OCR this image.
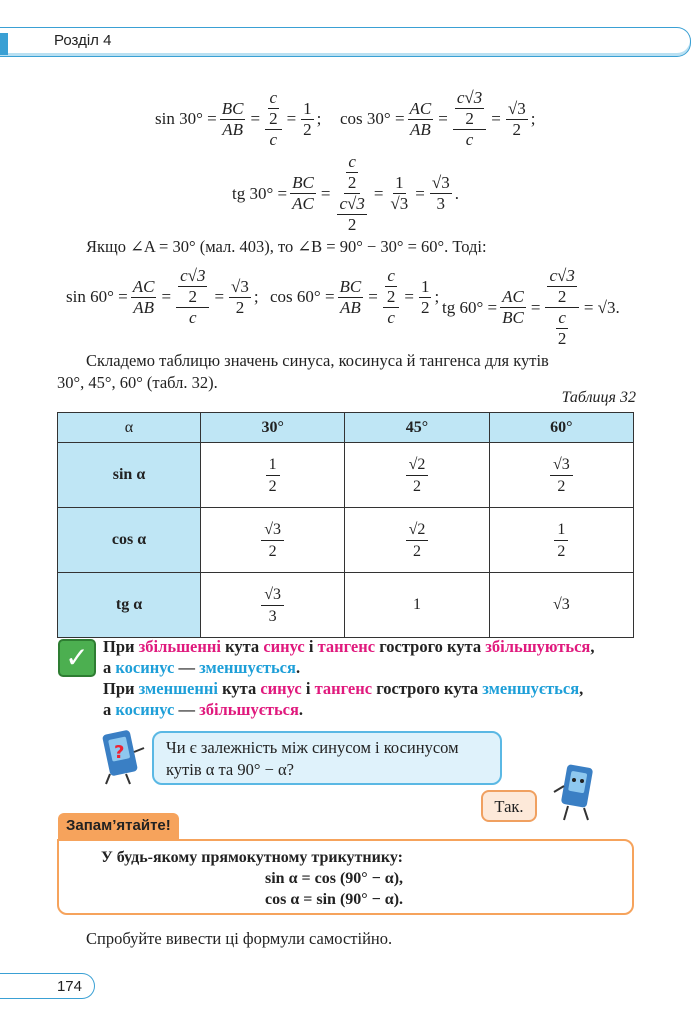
Розділ 4
$\sin 30^\circ = \frac{BC}{AB} = \frac{\frac{c}{2}}{c} = \frac{1}{2}$ ; $\cos 30^\circ = \frac{AC}{AB} = \frac{\frac{c√3}{2}}{c} = \frac{√3}{2}$ ;
tg $30^\circ = \frac{BC}{AC} = \frac{\frac{c}{2}}{\frac{c√3}{2}} = \frac{1}{√3} = \frac{√3}{3}$ .
Якщо ∠A = 30° (мал. 403), то ∠B = 90° − 30° = 60°. Тоді:
$\sin 60^\circ = \frac{AC}{AB} = \frac{\frac{c√3}{2}}{c} = \frac{√3}{2}$ ; $\cos 60^\circ = \frac{BC}{AB} = \frac{\frac{c}{2}}{c} = \frac{1}{2}$ ;
tg $60^\circ = \frac{AC}{BC} = \frac{\frac{c√3}{2}}{\frac{c}{2}} = √3$.
Складемо таблицю значень синуса, косинуса й тангенса для кутів
30°, 45°, 60° (табл. 32).
Таблиця 32
α	30°	45°	60°
sin α	$\frac{1}{2}$	$\frac{√2}{2}$	$\frac{√3}{2}$

cos α	$\frac{√3}{2}$	$\frac{√2}{2}$	$\frac{1}{2}$

tg α	$\frac{√3}{3}$	1	√3
✓ При збільшенні кута синус і тангенс гострого кута збільшуються,
а косинус — зменшується.
При зменшенні кута синус і тангенс гострого кута зменшується,
а косинус — збільшується.
?	Чи є залежність між синусом і косинусом
кутів α та 90° − α?
Так.
Запам’ятайте!
У будь-якому прямокутному трикутнику:
sin α = cos (90° − α),
cos α = sin (90° − α).
Спробуйте вивести ці формули самостійно.
174
